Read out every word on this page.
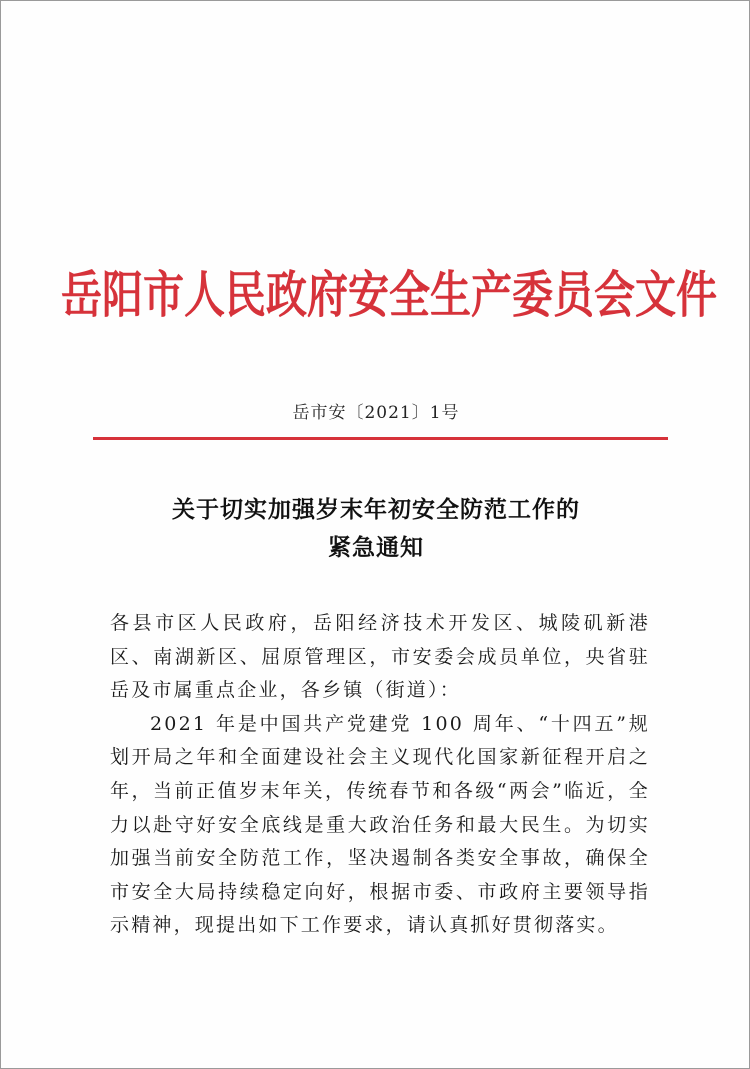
岳阳市人民政府安全生产委员会文件
岳市安〔2021〕1号
关于切实加强岁末年初安全防范工作的
紧急通知

各县市区人民政府，岳阳经济技术开发区、城陵矶新港区、南湖新区、屈原管理区，市安委会成员单位，央省驻岳及市属重点企业，各乡镇（街道）：

2021 年是中国共产党建党 100 周年、“十四五”规划开局之年和全面建设社会主义现代化国家新征程开启之年，当前正值岁末年关，传统春节和各级“两会”临近，全力以赴守好安全底线是重大政治任务和最大民生。为切实加强当前安全防范工作，坚决遏制各类安全事故，确保全市安全大局持续稳定向好，根据市委、市政府主要领导指示精神，现提出如下工作要求，请认真抓好贯彻落实。
